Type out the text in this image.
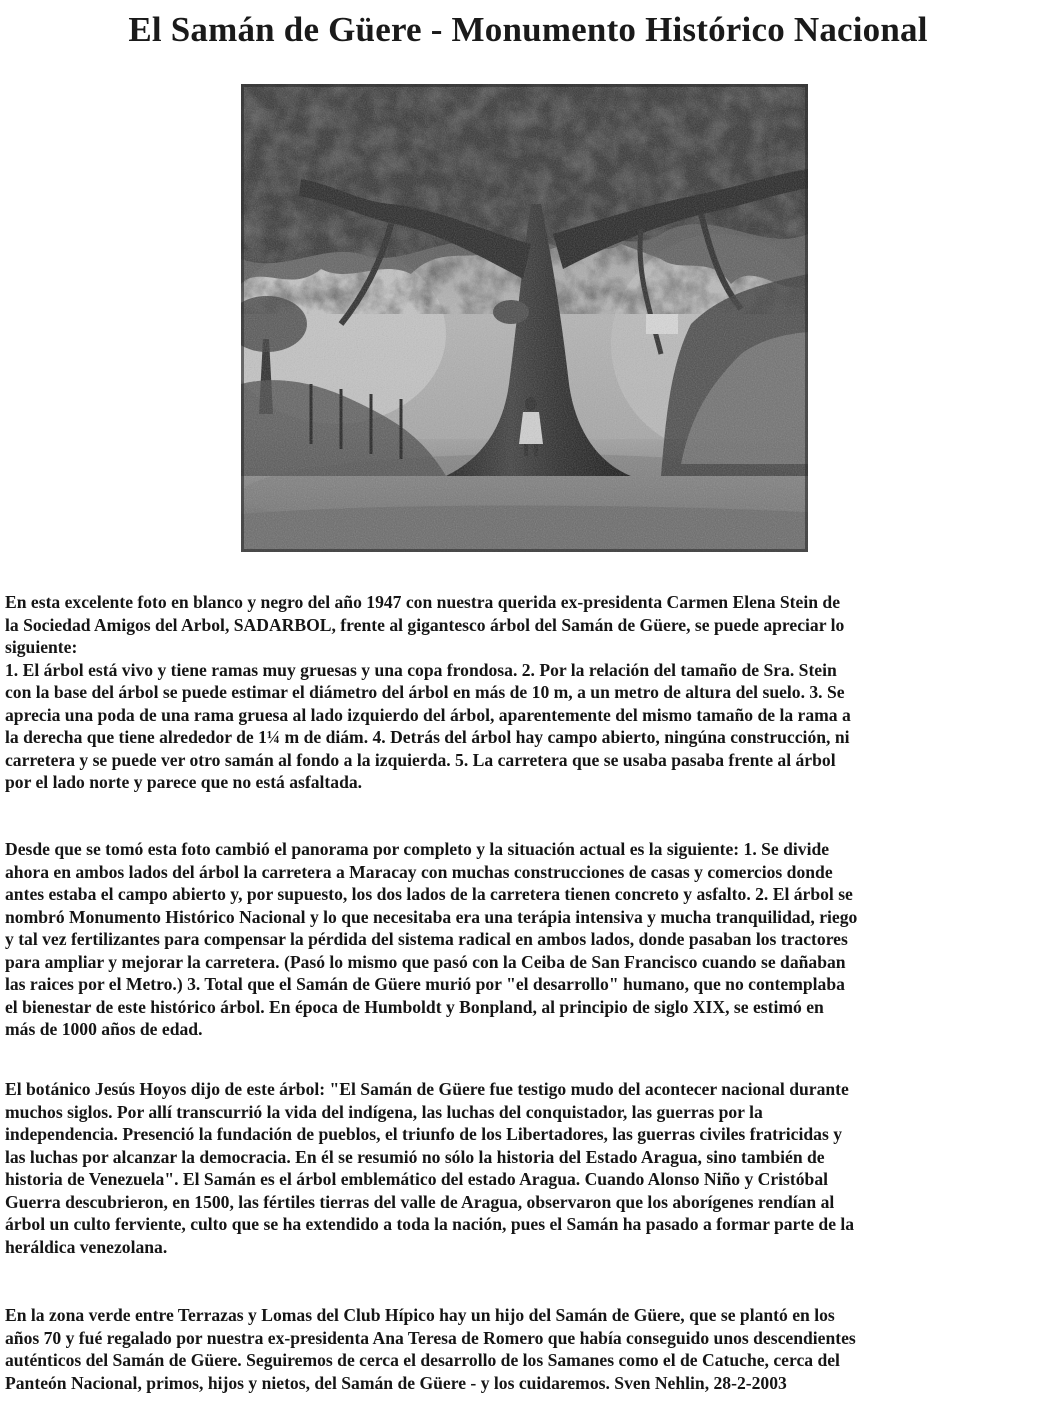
El Samán de Güere - Monumento Histórico Nacional

En esta excelente foto en blanco y negro del año 1947 con nuestra querida ex-presidenta Carmen Elena Stein de
la Sociedad Amigos del Arbol, SADARBOL, frente al gigantesco árbol del Samán de Güere, se puede apreciar lo
siguiente:
1. El árbol está vivo y tiene ramas muy gruesas y una copa frondosa. 2. Por la relación del tamaño de Sra. Stein
con la base del árbol se puede estimar el diámetro del árbol en más de 10 m, a un metro de altura del suelo. 3. Se
aprecia una poda de una rama gruesa al lado izquierdo del árbol, aparentemente del mismo tamaño de la rama a
la derecha que tiene alrededor de 1¼ m de diám. 4. Detrás del árbol hay campo abierto, ningúna construcción, ni
carretera y se puede ver otro samán al fondo a la izquierda. 5. La carretera que se usaba pasaba frente al árbol
por el lado norte y parece que no está asfaltada.

Desde que se tomó esta foto cambió el panorama por completo y la situación actual es la siguiente: 1. Se divide
ahora en ambos lados del árbol la carretera a Maracay con muchas construcciones de casas y comercios donde
antes estaba el campo abierto y, por supuesto, los dos lados de la carretera tienen concreto y asfalto. 2. El árbol se
nombró Monumento Histórico Nacional y lo que necesitaba era una terápia intensiva y mucha tranquilidad, riego
y tal vez fertilizantes para compensar la pérdida del sistema radical en ambos lados, donde pasaban los tractores
para ampliar y mejorar la carretera. (Pasó lo mismo que pasó con la Ceiba de San Francisco cuando se dañaban
las raices por el Metro.) 3. Total que el Samán de Güere murió por "el desarrollo" humano, que no contemplaba
el bienestar de este histórico árbol. En época de Humboldt y Bonpland, al principio de siglo XIX, se estimó en
más de 1000 años de edad.

El botánico Jesús Hoyos dijo de este árbol: "El Samán de Güere fue testigo mudo del acontecer nacional durante
muchos siglos. Por allí transcurrió la vida del indígena, las luchas del conquistador, las guerras por la
independencia. Presenció la fundación de pueblos, el triunfo de los Libertadores, las guerras civiles fratricidas y
las luchas por alcanzar la democracia. En él se resumió no sólo la historia del Estado Aragua, sino también de
historia de Venezuela". El Samán es el árbol emblemático del estado Aragua. Cuando Alonso Niño y Cristóbal
Guerra descubrieron, en 1500, las fértiles tierras del valle de Aragua, observaron que los aborígenes rendían al
árbol un culto ferviente, culto que se ha extendido a toda la nación, pues el Samán ha pasado a formar parte de la
heráldica venezolana.

En la zona verde entre Terrazas y Lomas del Club Hípico hay un hijo del Samán de Güere, que se plantó en los
años 70 y fué regalado por nuestra ex-presidenta Ana Teresa de Romero que había conseguido unos descendientes
auténticos del Samán de Güere. Seguiremos de cerca el desarrollo de los Samanes como el de Catuche, cerca del
Panteón Nacional, primos, hijos y nietos, del Samán de Güere - y los cuidaremos. Sven Nehlin, 28-2-2003
